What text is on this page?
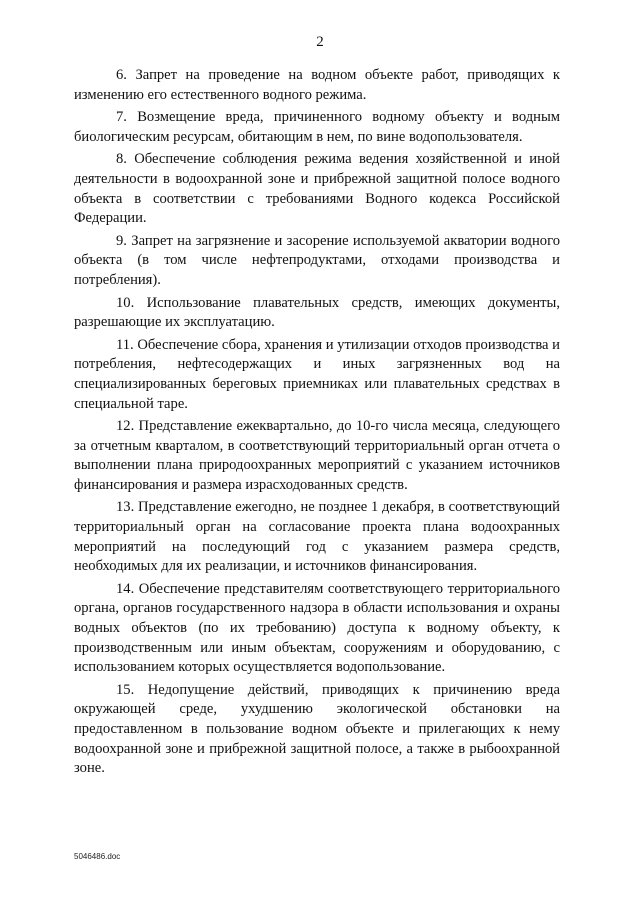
2

6. Запрет на проведение на водном объекте работ, приводящих к изменению его естественного водного режима.

7. Возмещение вреда, причиненного водному объекту и водным биологическим ресурсам, обитающим в нем, по вине водопользователя.

8. Обеспечение соблюдения режима ведения хозяйственной и иной деятельности в водоохранной зоне и прибрежной защитной полосе водного объекта в соответствии с требованиями Водного кодекса Российской Федерации.

9. Запрет на загрязнение и засорение используемой акватории водного объекта (в том числе нефтепродуктами, отходами производства и потребления).

10. Использование плавательных средств, имеющих документы, разрешающие их эксплуатацию.

11. Обеспечение сбора, хранения и утилизации отходов производства и потребления, нефтесодержащих и иных загрязненных вод на специализированных береговых приемниках или плавательных средствах в специальной таре.

12. Представление ежеквартально, до 10-го числа месяца, следующего за отчетным кварталом, в соответствующий территориальный орган отчета о выполнении плана природоохранных мероприятий с указанием источников финансирования и размера израсходованных средств.

13. Представление ежегодно, не позднее 1 декабря, в соответствующий территориальный орган на согласование проекта плана водоохранных мероприятий на последующий год с указанием размера средств, необходимых для их реализации, и источников финансирования.

14. Обеспечение представителям соответствующего территориального органа, органов государственного надзора в области использования и охраны водных объектов (по их требованию) доступа к водному объекту, к производственным или иным объектам, сооружениям и оборудованию, с использованием которых осуществляется водопользование.

15. Недопущение действий, приводящих к причинению вреда окружающей среде, ухудшению экологической обстановки на предоставленном в пользование водном объекте и прилегающих к нему водоохранной зоне и прибрежной защитной полосе, а также в рыбоохранной зоне.

5046486.doc
